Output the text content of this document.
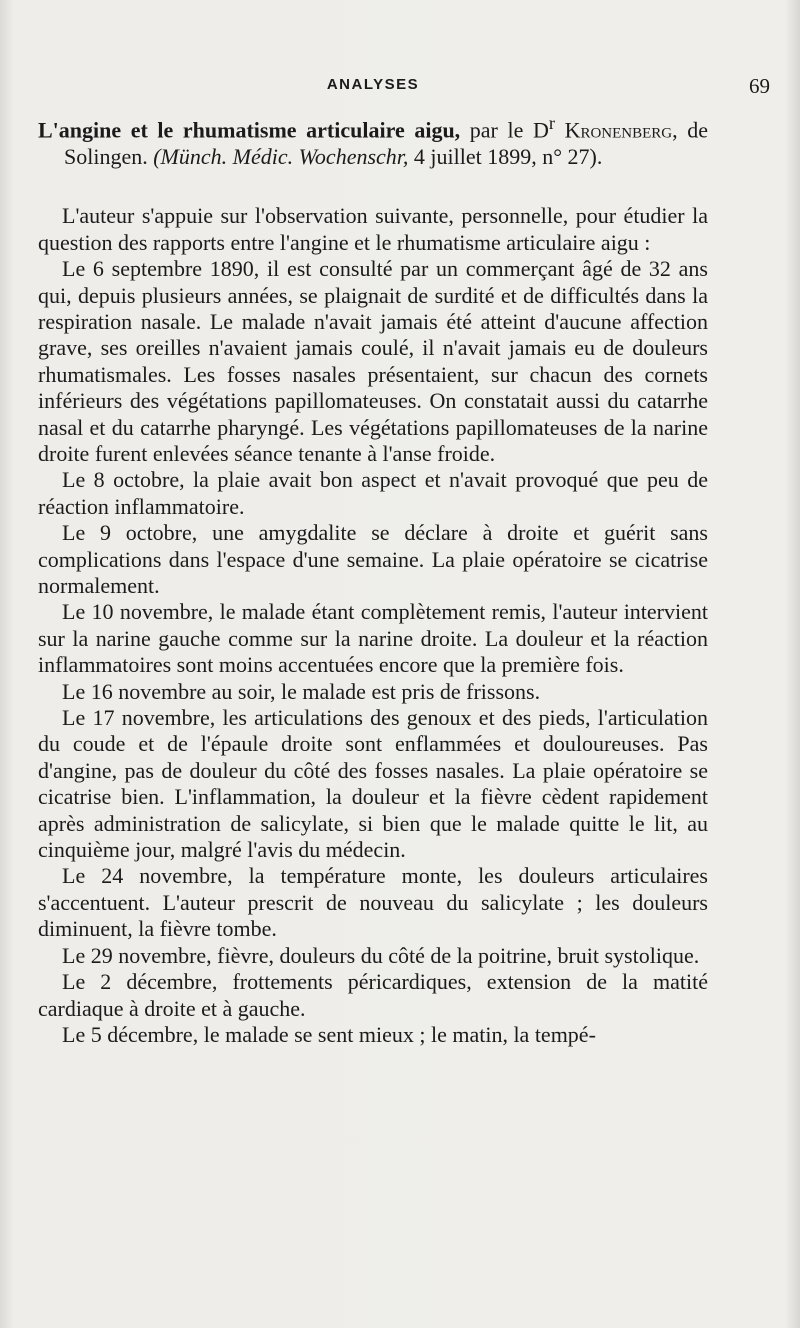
ANALYSES	69

L'angine et le rhumatisme articulaire aigu, par le $D^r$ Kronenberg, de Solingen. (Münch. Médic. Wochenschr, 4 juillet 1899, n° 27).

L'auteur s'appuie sur l'observation suivante, personnelle, pour étudier la question des rapports entre l'angine et le rhumatisme articulaire aigu :

Le 6 septembre 1890, il est consulté par un commerçant âgé de 32 ans qui, depuis plusieurs années, se plaignait de surdité et de difficultés dans la respiration nasale. Le malade n'avait jamais été atteint d'aucune affection grave, ses oreilles n'avaient jamais coulé, il n'avait jamais eu de douleurs rhumatismales. Les fosses nasales présentaient, sur chacun des cornets inférieurs des végétations papillomateuses. On constatait aussi du catarrhe nasal et du catarrhe pharyngé. Les végétations papillomateuses de la narine droite furent enlevées séance tenante à l'anse froide.

Le 8 octobre, la plaie avait bon aspect et n'avait provoqué que peu de réaction inflammatoire.

Le 9 octobre, une amygdalite se déclare à droite et guérit sans complications dans l'espace d'une semaine. La plaie opératoire se cicatrise normalement.

Le 10 novembre, le malade étant complètement remis, l'auteur intervient sur la narine gauche comme sur la narine droite. La douleur et la réaction inflammatoires sont moins accentuées encore que la première fois.

Le 16 novembre au soir, le malade est pris de frissons.

Le 17 novembre, les articulations des genoux et des pieds, l'articulation du coude et de l'épaule droite sont enflammées et douloureuses. Pas d'angine, pas de douleur du côté des fosses nasales. La plaie opératoire se cicatrise bien. L'inflammation, la douleur et la fièvre cèdent rapidement après administration de salicylate, si bien que le malade quitte le lit, au cinquième jour, malgré l'avis du médecin.

Le 24 novembre, la température monte, les douleurs articulaires s'accentuent. L'auteur prescrit de nouveau du salicylate ; les douleurs diminuent, la fièvre tombe.

Le 29 novembre, fièvre, douleurs du côté de la poitrine, bruit systolique.

Le 2 décembre, frottements péricardiques, extension de la matité cardiaque à droite et à gauche.

Le 5 décembre, le malade se sent mieux ; le matin, la tempé-
